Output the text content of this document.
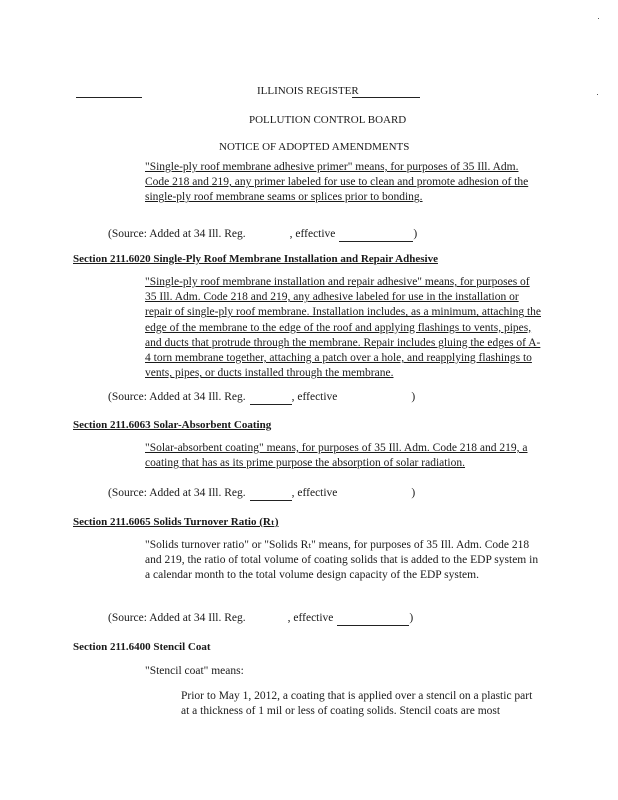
ILLINOIS REGISTER
POLLUTION CONTROL BOARD
NOTICE OF ADOPTED AMENDMENTS
"Single-ply roof membrane adhesive primer" means, for purposes of 35 Ill. Adm. Code 218 and 219, any primer labeled for use to clean and promote adhesion of the single-ply roof membrane seams or splices prior to bonding.
(Source: Added at 34 Ill. Reg.	, effective	)
Section 211.6020 Single-Ply Roof Membrane Installation and Repair Adhesive
"Single-ply roof membrane installation and repair adhesive" means, for purposes of 35 Ill. Adm. Code 218 and 219, any adhesive labeled for use in the installation or repair of single-ply roof membrane. Installation includes, as a minimum, attaching the edge of the membrane to the edge of the roof and applying flashings to vents, pipes, and ducts that protrude through the membrane. Repair includes gluing the edges of A-4 torn membrane together, attaching a patch over a hole, and reapplying flashings to vents, pipes, or ducts installed through the membrane.
(Source: Added at 34 Ill. Reg.	, effective	)
Section 211.6063 Solar-Absorbent Coating
"Solar-absorbent coating" means, for purposes of 35 Ill. Adm. Code 218 and 219, a coating that has as its prime purpose the absorption of solar radiation.
(Source: Added at 34 Ill. Reg.	, effective	)
Section 211.6065 Solids Turnover Ratio (Rₜ)
"Solids turnover ratio" or "Solids Rₜ" means, for purposes of 35 Ill. Adm. Code 218 and 219, the ratio of total volume of coating solids that is added to the EDP system in a calendar month to the total volume design capacity of the EDP system.
(Source: Added at 34 Ill. Reg.	, effective	)
Section 211.6400 Stencil Coat
"Stencil coat" means:
Prior to May 1, 2012, a coating that is applied over a stencil on a plastic part at a thickness of 1 mil or less of coating solids. Stencil coats are most
